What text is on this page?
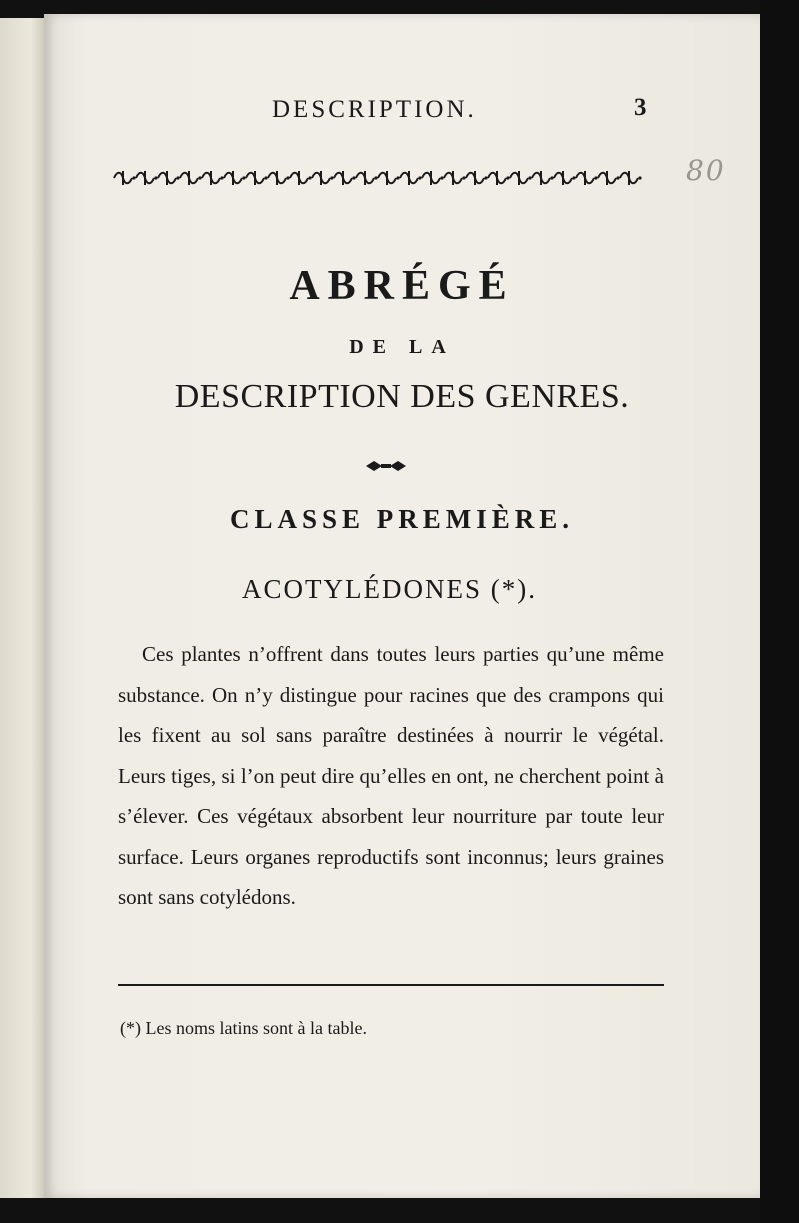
DESCRIPTION.	3
80
ABRÉGÉ
DE LA
DESCRIPTION DES GENRES.
CLASSE PREMIÈRE.
ACOTYLÉDONES (*).
Ces plantes n’offrent dans toutes leurs parties qu’une même substance. On n’y distingue pour racines que des crampons qui les fixent au sol sans paraître destinées à nourrir le végétal. Leurs tiges, si l’on peut dire qu’elles en ont, ne cherchent point à s’élever. Ces végétaux absorbent leur nourriture par toute leur surface. Leurs organes reproductifs sont inconnus; leurs graines sont sans cotylédons.
(*) Les noms latins sont à la table.
